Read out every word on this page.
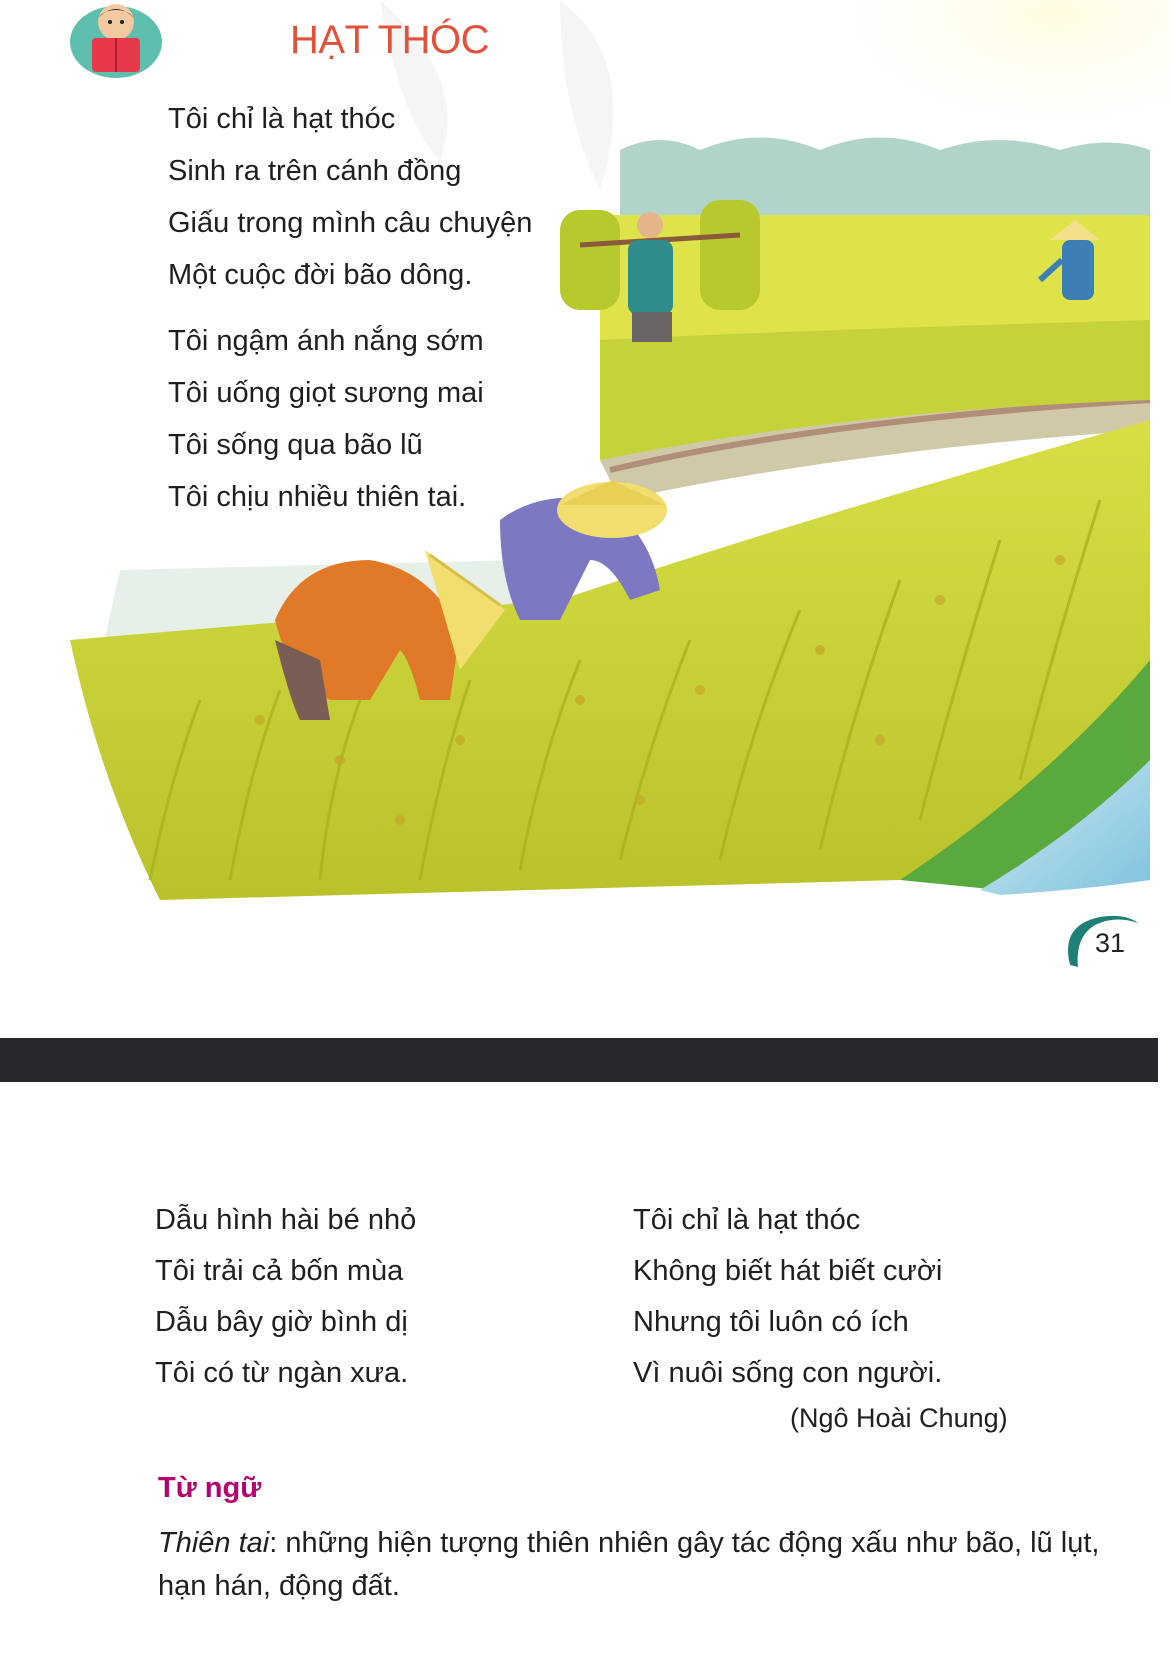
HẠT THÓC
Tôi chỉ là hạt thóc
Sinh ra trên cánh đồng
Giấu trong mình câu chuyện
Một cuộc đời bão dông.
Tôi ngậm ánh nắng sớm
Tôi uống giọt sương mai
Tôi sống qua bão lũ
Tôi chịu nhiều thiên tai.
31
Dẫu hình hài bé nhỏ
Tôi trải cả bốn mùa
Dẫu bây giờ bình dị
Tôi có từ ngàn xưa.
Tôi chỉ là hạt thóc
Không biết hát biết cười
Nhưng tôi luôn có ích
Vì nuôi sống con người.
(Ngô Hoài Chung)
Từ ngữ
Thiên tai: những hiện tượng thiên nhiên gây tác động xấu như bão, lũ lụt, hạn hán, động đất.
